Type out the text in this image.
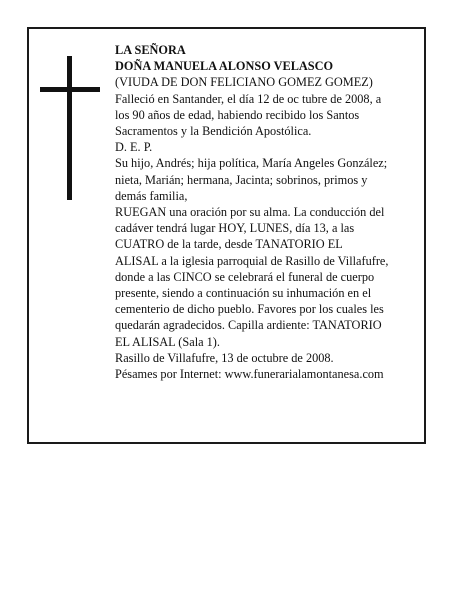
LA SEÑORA
DOÑA MANUELA ALONSO VELASCO
(VIUDA DE DON FELICIANO GOMEZ GOMEZ)
Falleció en Santander, el día 12 de oc tubre de 2008, a
los 90 años de edad, habiendo recibido los Santos
Sacramentos y la Bendición Apostólica.
D. E. P.
Su hijo, Andrés; hija política, María Angeles González;
nieta, Marián; hermana, Jacinta; sobrinos, primos y
demás familia,
RUEGAN una oración por su alma. La conducción del
cadáver tendrá lugar HOY, LUNES, día 13, a las
CUATRO de la tarde, desde TANATORIO EL
ALISAL a la iglesia parroquial de Rasillo de Villafufre,
donde a las CINCO se celebrará el funeral de cuerpo
presente, siendo a continuación su inhumación en el
cementerio de dicho pueblo. Favores por los cuales les
quedarán agradecidos. Capilla ardiente: TANATORIO
EL ALISAL (Sala 1).
Rasillo de Villafufre, 13 de octubre de 2008.
Pésames por Internet: www.funerarialamontanesa.com
